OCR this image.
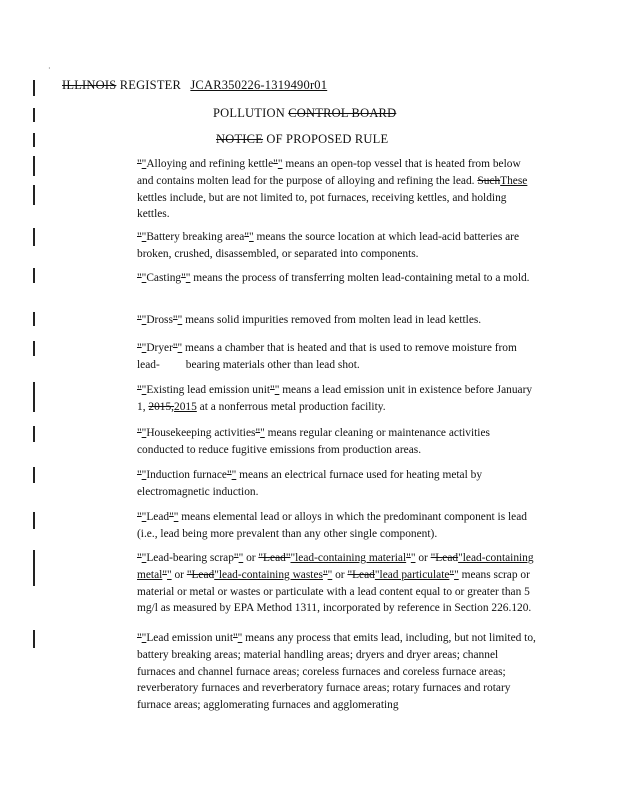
·
ILLINOIS REGISTER JCAR350226-1319490r01
POLLUTION CONTROL BOARD
NOTICE OF PROPOSED RULE
""Alloying and refining kettle"" means an open-top vessel that is heated from below and contains molten lead for the purpose of alloying and refining the lead. SuchThese kettles include, but are not limited to, pot furnaces, receiving kettles, and holding kettles.
""Battery breaking area"" means the source location at which lead-acid batteries are broken, crushed, disassembled, or separated into components.
""Casting"" means the process of transferring molten lead-containing metal to a mold.
""Dross"" means solid impurities removed from molten lead in lead kettles.
""Dryer"" means a chamber that is heated and that is used to remove moisture from lead- bearing materials other than lead shot.
""Existing lead emission unit"" means a lead emission unit in existence before January 1, 2015,2015 at a nonferrous metal production facility.
""Housekeeping activities"" means regular cleaning or maintenance activities conducted to reduce fugitive emissions from production areas.
""Induction furnace"" means an electrical furnace used for heating metal by electromagnetic induction.
""Lead"" means elemental lead or alloys in which the predominant component is lead (i.e., lead being more prevalent than any other single component).
""Lead-bearing scrap"" or "Lead""lead-containing material"" or "Lead"lead-containing metal"" or "Lead"lead-containing wastes"" or "Lead"lead particulate"" means scrap or material or metal or wastes or particulate with a lead content equal to or greater than 5 mg/l as measured by EPA Method 1311, incorporated by reference in Section 226.120.
""Lead emission unit"" means any process that emits lead, including, but not limited to, battery breaking areas; material handling areas; dryers and dryer areas; channel furnaces and channel furnace areas; coreless furnaces and coreless furnace areas; reverberatory furnaces and reverberatory furnace areas; rotary furnaces and rotary furnace areas; agglomerating furnaces and agglomerating
